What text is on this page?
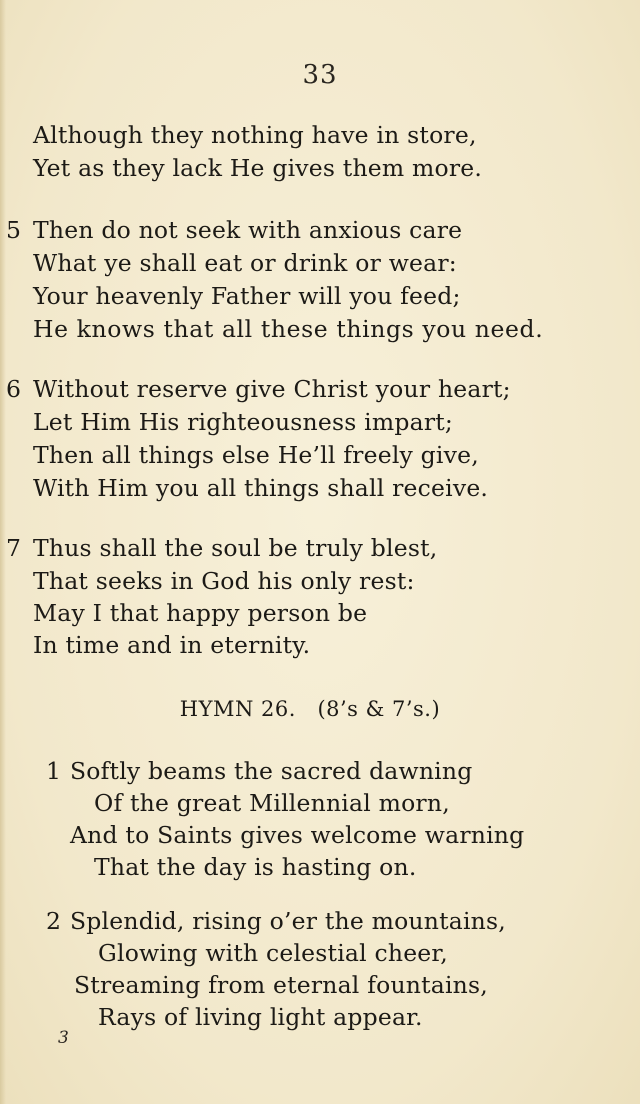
33
Although they nothing have in store,
Yet as they lack He gives them more.
5 Then do not seek with anxious care
What ye shall eat or drink or wear:
Your heavenly Father will you feed;
He knows that all these things you need.
6 Without reserve give Christ your heart;
Let Him His righteousness impart;
Then all things else He’ll freely give,
With Him you all things shall receive.
7 Thus shall the soul be truly blest,
That seeks in God his only rest:
May I that happy person be
In time and in eternity.
HYMN 26.   (8’s & 7’s.)
1 Softly beams the sacred dawning
Of the great Millennial morn,
And to Saints gives welcome warning
That the day is hasting on.
2 Splendid, rising o’er the mountains,
Glowing with celestial cheer,
Streaming from eternal fountains,
Rays of living light appear.
3
